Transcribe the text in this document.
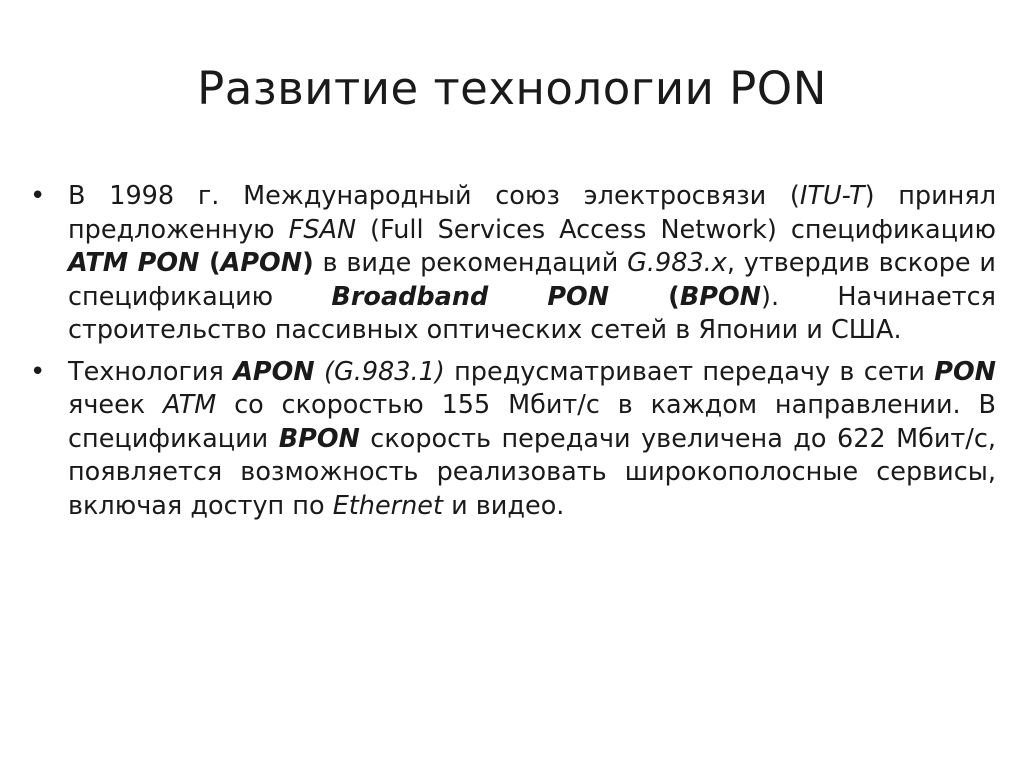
Развитие технологии PON
• В 1998 г. Международный союз электросвязи (ITU-T) принял предложенную FSAN (Full Services Access Network) спецификацию ATM PON (APON) в виде рекомендаций G.983.x, утвердив вскоре и спецификацию Broadband PON (BPON). Начинается строительство пассивных оптических сетей в Японии и США.
• Технология APON (G.983.1) предусматривает передачу в сети PON ячеек ATM со скоростью 155 Мбит/с в каждом направлении. В спецификации BPON скорость передачи увеличена до 622 Мбит/с, появляется возможность реализовать широкополосные сервисы, включая доступ по Ethernet и видео.
